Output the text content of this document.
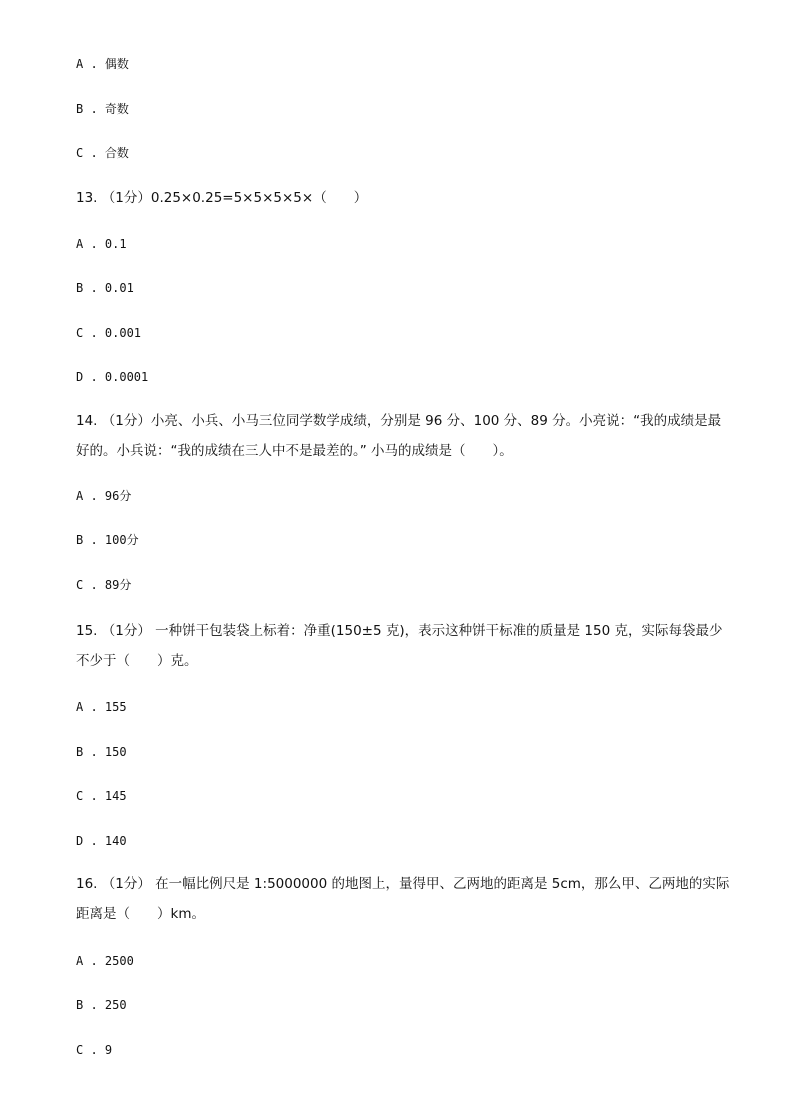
A . 偶数
B . 奇数
C . 合数
13. （1分）0.25×0.25=5×5×5×5×（　　）
A . 0.1
B . 0.01
C . 0.001
D . 0.0001
14. （1分）小亮、小兵、小马三位同学数学成绩，分别是 96 分、100 分、89 分。小亮说：“我的成绩是最
好的。小兵说：“我的成绩在三人中不是最差的。” 小马的成绩是（　　）。
A . 96分
B . 100分
C . 89分
15. （1分） 一种饼干包装袋上标着：净重(150±5 克)，表示这种饼干标准的质量是 150 克，实际每袋最少
不少于（　　）克。
A . 155
B . 150
C . 145
D . 140
16. （1分） 在一幅比例尺是 1:5000000 的地图上，量得甲、乙两地的距离是 5cm，那么甲、乙两地的实际
距离是（　　）km。
A . 2500
B . 250
C . 9
